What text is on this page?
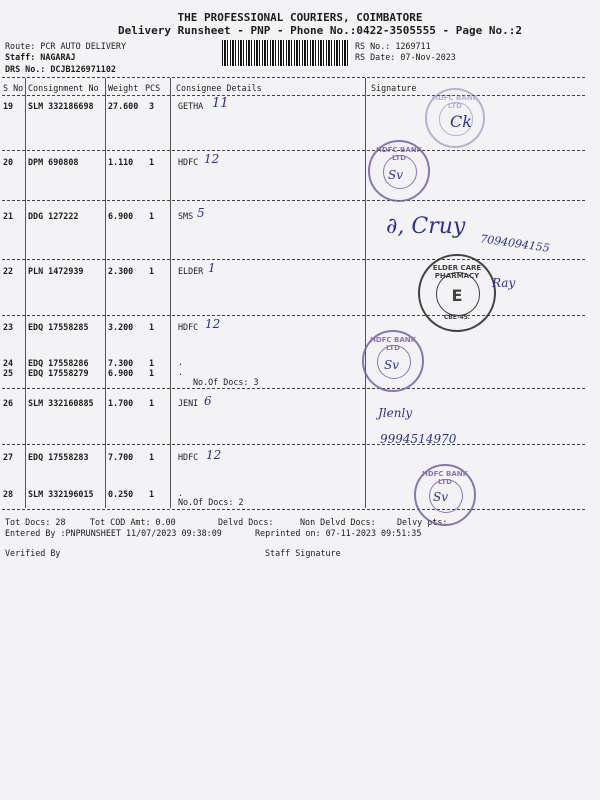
THE PROFESSIONAL COURIERS, COIMBATORE
Delivery Runsheet - PNP - Phone No.:0422-3505555 - Page No.:2
Route: PCR AUTO DELIVERY
Staff: NAGARAJ
DRS No.: DCJB126971102
RS No.: 1269711
RS Date: 07-Nov-2023
S No Consignment No Weight PCS Consignee Details	Signature
19 SLM 332186698 27.600 3	GETHA 11
20 DPM 690808	1.110 1	HDFC 12
21 DDG 127222	6.900 1	SMS 5
22 PLN 1472939	2.300 1	ELDER 1
23 EDQ 17558285 3.200 1	HDFC 12
24 EDQ 17558286 7.300 1	.
25 EDQ 17558279 6.900 1	.
No.Of Docs: 3
26 SLM 332160885 1.700 1	JENI 6
27 EDQ 17558283 7.700 1	HDFC 12
28 SLM 332196015 0.250 1	.
No.Of Docs: 2
Tot Docs: 28	Tot COD Amt: 0.00	Delvd Docs:	Non Delvd Docs:	Delvy pts:
Entered By :PNPRUNSHEET 11/07/2023 09:38:09	Reprinted on: 07-11-2023 09:51:35
Verified By	Staff Signature
HDFC BANK LTD
Ck
HDFC BANK LTD
Sv
∂, Cruy
7094094155
ELDER CARE PHARMACY
E
CBE-45.
Ray
HDFC BANK LTD
Sv
Jlenly
9994514970
HDFC BANK LTD
Sv
